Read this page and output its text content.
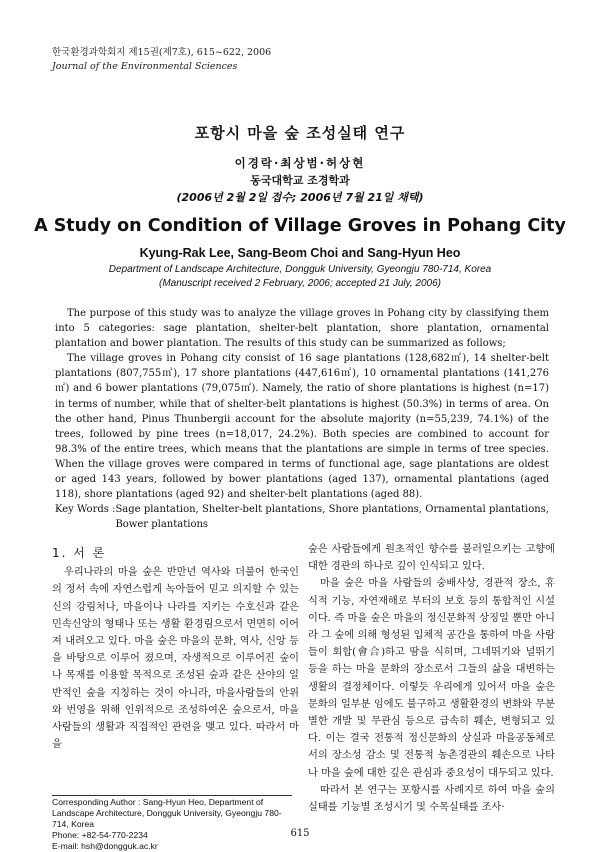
한국환경과학회지 제15권(제7호), 615~622, 2006
Journal of the Environmental Sciences
포항시 마을 숲 조성실태 연구
이경락·최상범·허상현
동국대학교 조경학과
(2006년 2월 2일 접수; 2006년 7월 21일 채택)
A Study on Condition of Village Groves in Pohang City
Kyung-Rak Lee, Sang-Beom Choi and Sang-Hyun Heo
Department of Landscape Architecture, Dongguk University, Gyeongju 780-714, Korea
(Manuscript received 2 February, 2006; accepted 21 July, 2006)

The purpose of this study was to analyze the village groves in Pohang city by classifying them into 5 categories: sage plantation, shelter-belt plantation, shore plantation, ornamental plantation and bower plantation. The results of this study can be summarized as follows;

The village groves in Pohang city consist of 16 sage plantations (128,682㎡), 14 shelter-belt plantations (807,755㎡), 17 shore plantations (447,616㎡), 10 ornamental plantations (141,276㎡) and 6 bower plantations (79,075㎡). Namely, the ratio of shore plantations is highest (n=17) in terms of number, while that of shelter-belt plantations is highest (50.3%) in terms of area. On the other hand, Pinus Thunbergii account for the absolute majority (n=55,239, 74.1%) of the trees, followed by pine trees (n=18,017, 24.2%). Both species are combined to account for 98.3% of the entire trees, which means that the plantations are simple in terms of tree species. When the village groves were compared in terms of functional age, sage plantations are oldest or aged 143 years, followed by bower plantations (aged 137), ornamental plantations (aged 118), shore plantations (aged 92) and shelter-belt plantations (aged 88).

Key Words : Sage plantation, Shelter-belt plantations, Shore plantations, Ornamental plantations, Bower plantations
1. 서 론

우리나라의 마을 숲은 반만년 역사와 더불어 한국인의 정서 속에 자연스럽게 녹아들어 믿고 의지할 수 있는 신의 강림처나, 마을이나 나라를 지키는 수호신과 같은 민속신앙의 형태나 또는 생활 환경림으로서 면면히 이어져 내려오고 있다. 마을 숲은 마을의 문화, 역사, 신앙 등을 바탕으로 이루어 졌으며, 자생적으로 이루어진 숲이나 목재를 이용할 목적으로 조성된 숲과 같은 산야의 일반적인 숲을 지칭하는 것이 아니라, 마을사람들의 안위와 번영을 위해 인위적으로 조성하여온 숲으로서, 마을 사람들의 생활과 직접적인 관련을 맺고 있다. 따라서 마을

숲은 사람들에게 원초적인 향수를 불러일으키는 고향에 대한 경관의 하나로 깊이 인식되고 있다.

마을 숲은 마을 사람들의 숭배사상, 경관적 장소, 휴식적 기능, 자연재해로 부터의 보호 등의 통합적인 시설이다. 즉 마을 숲은 마을의 정신문화적 상징일 뿐만 아니라 그 숲에 의해 형성된 입체적 공간을 통하여 마을 사람들이 회합(會合)하고 땀을 식히며, 그네뛰기와 널뛰기 등을 하는 마을 문화의 장소로서 그들의 삶을 대변하는 생활의 결정체이다. 이렇듯 우리에게 있어서 마을 숲은 문화의 일부분 임에도 불구하고 생활환경의 변화와 무분별한 개발 및 무관심 등으로 급속히 훼손, 변형되고 있다. 이는 결국 전통적 정신문화의 상실과 마을공동체로서의 장소성 감소 및 전통적 농촌경관의 훼손으로 나타나 마을 숲에 대한 깊은 관심과 중요성이 대두되고 있다.

따라서 본 연구는 포항시를 사례지로 하여 마을 숲의 실태를 기능별 조성시기 및 수목실태를 조사·

Corresponding Author : Sang-Hyun Heo, Department of Landscape Architecture, Dongguk University, Gyeongju 780-714, Korea
Phone: +82-54-770-2234
E-mail: hsh@dongguk.ac.kr
615
